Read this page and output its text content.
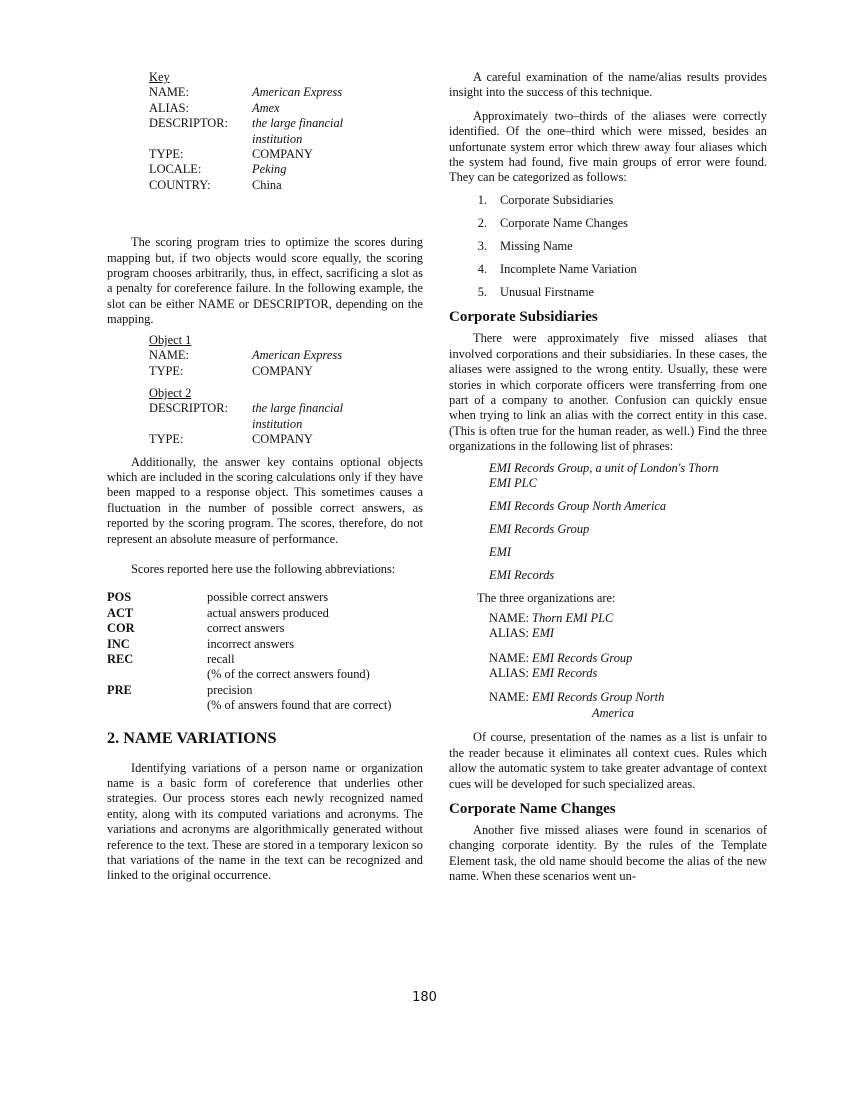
Key
NAME:	American Express
ALIAS:	Amex
DESCRIPTOR:	the large financial
institution
TYPE:	COMPANY
LOCALE:	Peking
COUNTRY:	China

The scoring program tries to optimize the scores during mapping but, if two objects would score equally, the scoring program chooses arbitrarily, thus, in effect, sacrificing a slot as a penalty for coreference failure. In the following example, the slot can be either NAME or DESCRIPTOR, depending on the mapping.

Object 1
NAME:	American Express
TYPE:	COMPANY
Object 2
DESCRIPTOR:	the large financial
institution
TYPE:	COMPANY

Additionally, the answer key contains optional objects which are included in the scoring calculations only if they have been mapped to a response object. This sometimes causes a fluctuation in the number of possible correct answers, as reported by the scoring program. The scores, therefore, do not represent an absolute measure of performance.

Scores reported here use the following abbreviations:

POS	possible correct answers
ACT	actual answers produced
COR	correct answers
INC	incorrect answers
REC	recall
(% of the correct answers found)
PRE	precision
(% of answers found that are correct)
2. NAME VARIATIONS

Identifying variations of a person name or organization name is a basic form of coreference that underlies other strategies. Our process stores each newly recognized named entity, along with its computed variations and acronyms. The variations and acronyms are algorithmically generated without reference to the text. These are stored in a temporary lexicon so that variations of the name in the text can be recognized and linked to the original occurrence.

A careful examination of the name/alias results provides insight into the success of this technique.

Approximately two–thirds of the aliases were correctly identified. Of the one–third which were missed, besides an unfortunate system error which threw away four aliases which the system had found, five main groups of error were found. They can be categorized as follows:

1.	Corporate Subsidiaries
2.	Corporate Name Changes
3.	Missing Name
4.	Incomplete Name Variation
5.	Unusual Firstname
Corporate Subsidiaries

There were approximately five missed aliases that involved corporations and their subsidiaries. In these cases, the aliases were assigned to the wrong entity. Usually, these were stories in which corporate officers were transferring from one part of a company to another. Confusion can quickly ensue when trying to link an alias with the correct entity in this case. (This is often true for the human reader, as well.) Find the three organizations in the following list of phrases:

EMI Records Group, a unit of London's Thorn EMI PLC
EMI Records Group North America
EMI Records Group
EMI
EMI Records
The three organizations are:
NAME: Thorn EMI PLC
ALIAS: EMI
NAME: EMI Records Group
ALIAS: EMI Records
NAME: EMI Records Group North
America

Of course, presentation of the names as a list is unfair to the reader because it eliminates all context cues. Rules which allow the automatic system to take greater advantage of context cues will be developed for such specialized areas.

Corporate Name Changes

Another five missed aliases were found in scenarios of changing corporate identity. By the rules of the Template Element task, the old name should become the alias of the new name. When these scenarios went un-

180
